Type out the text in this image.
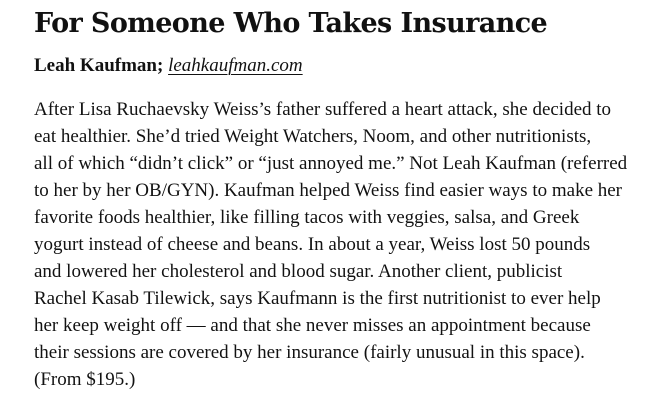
For Someone Who Takes Insurance

Leah Kaufman; leahkaufman.com

After Lisa Ruchaevsky Weiss’s father suffered a heart attack, she decided to
eat healthier. She’d tried Weight Watchers, Noom, and other nutritionists,
all of which “didn’t click” or “just annoyed me.” Not Leah Kaufman (referred
to her by her OB/GYN). Kaufman helped Weiss find easier ways to make her
favorite foods healthier, like filling tacos with veggies, salsa, and Greek
yogurt instead of cheese and beans. In about a year, Weiss lost 50 pounds
and lowered her cholesterol and blood sugar. Another client, publicist
Rachel Kasab Tilewick, says Kaufmann is the first nutritionist to ever help
her keep weight off — and that she never misses an appointment because
their sessions are covered by her insurance (fairly unusual in this space).
(From $195.)
